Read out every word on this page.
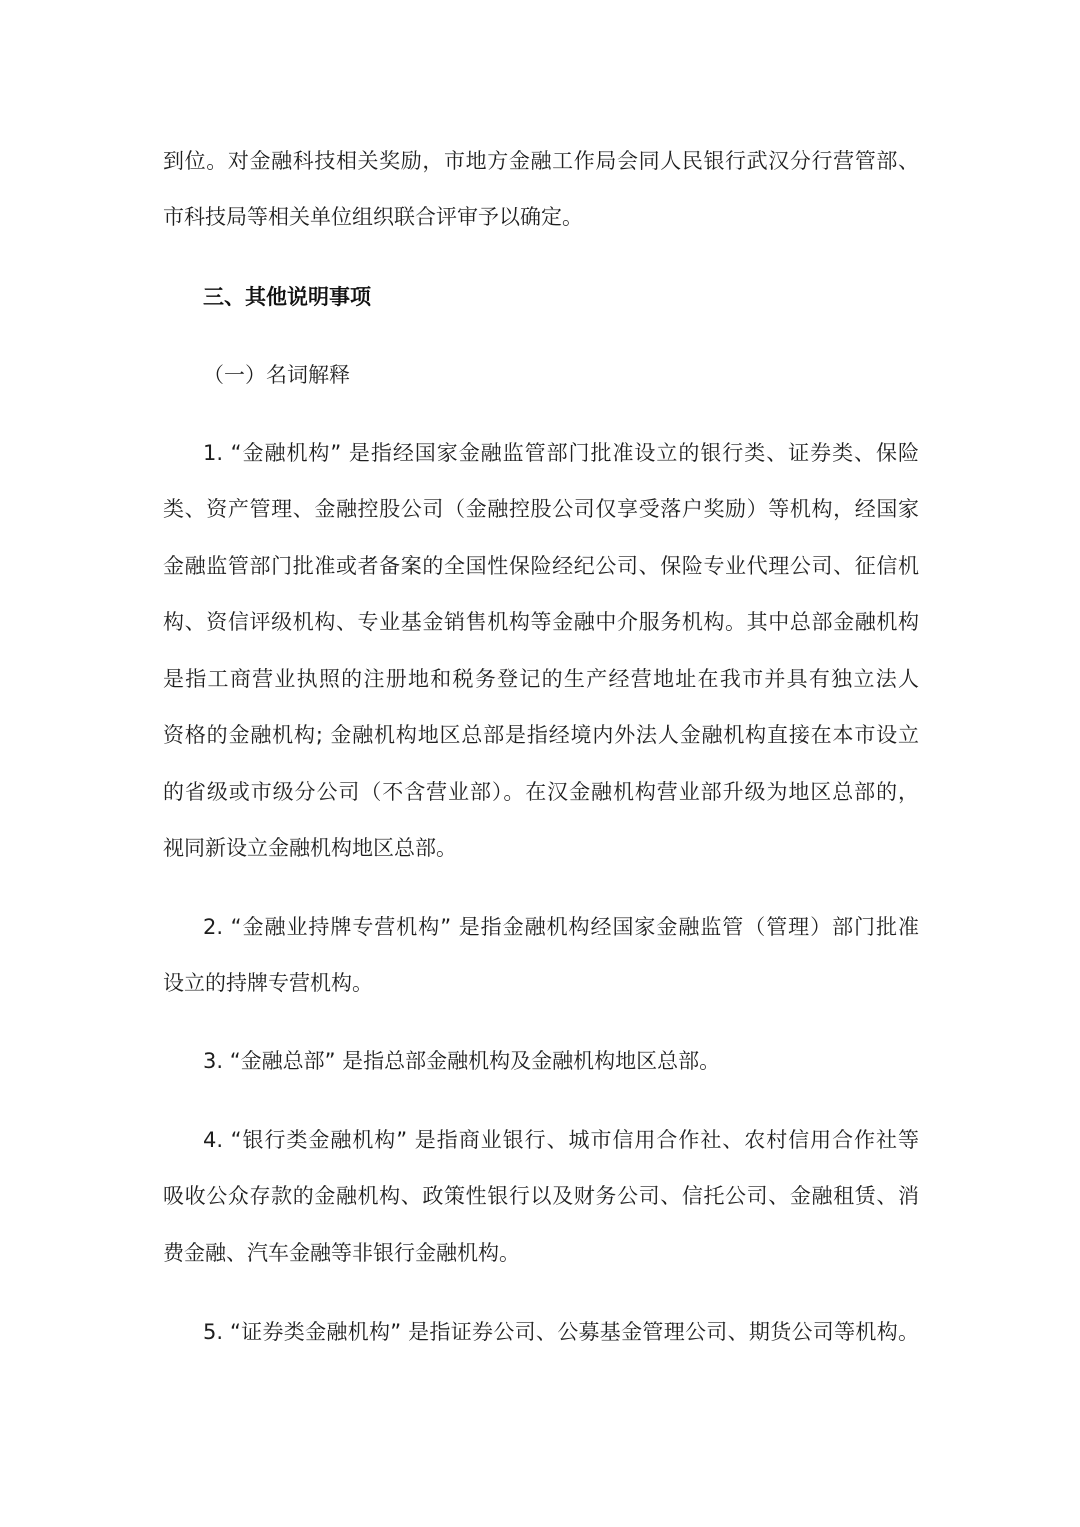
到位。对金融科技相关奖励，市地方金融工作局会同人民银行武汉分行营管部、
市科技局等相关单位组织联合评审予以确定。
三、其他说明事项
（一）名词解释
1. “金融机构” 是指经国家金融监管部门批准设立的银行类、证券类、保险
类、资产管理、金融控股公司（金融控股公司仅享受落户奖励）等机构，经国家
金融监管部门批准或者备案的全国性保险经纪公司、保险专业代理公司、征信机
构、资信评级机构、专业基金销售机构等金融中介服务机构。其中总部金融机构
是指工商营业执照的注册地和税务登记的生产经营地址在我市并具有独立法人
资格的金融机构; 金融机构地区总部是指经境内外法人金融机构直接在本市设立
的省级或市级分公司（不含营业部）。在汉金融机构营业部升级为地区总部的，
视同新设立金融机构地区总部。
2. “金融业持牌专营机构” 是指金融机构经国家金融监管（管理）部门批准
设立的持牌专营机构。
3. “金融总部” 是指总部金融机构及金融机构地区总部。
4. “银行类金融机构” 是指商业银行、城市信用合作社、农村信用合作社等
吸收公众存款的金融机构、政策性银行以及财务公司、信托公司、金融租赁、消
费金融、汽车金融等非银行金融机构。
5. “证券类金融机构” 是指证券公司、公募基金管理公司、期货公司等机构。
